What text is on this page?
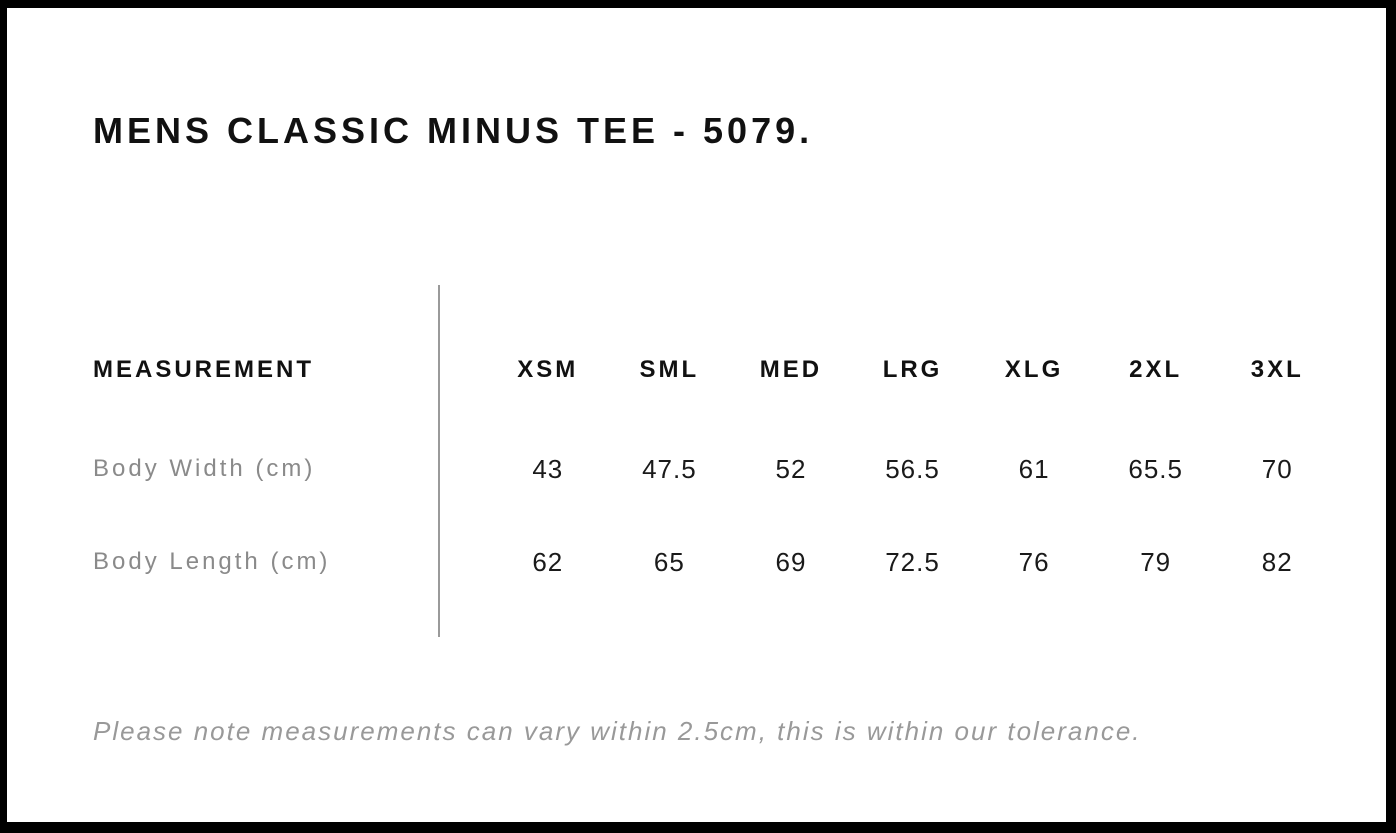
MENS CLASSIC MINUS TEE - 5079.
MEASUREMENT	XSM	SML	MED	LRG	XLG	2XL	3XL
Body Width (cm)	43	47.5	52	56.5	61	65.5	70
Body Length (cm)	62	65	69	72.5	76	79	82
Please note measurements can vary within 2.5cm, this is within our tolerance.
